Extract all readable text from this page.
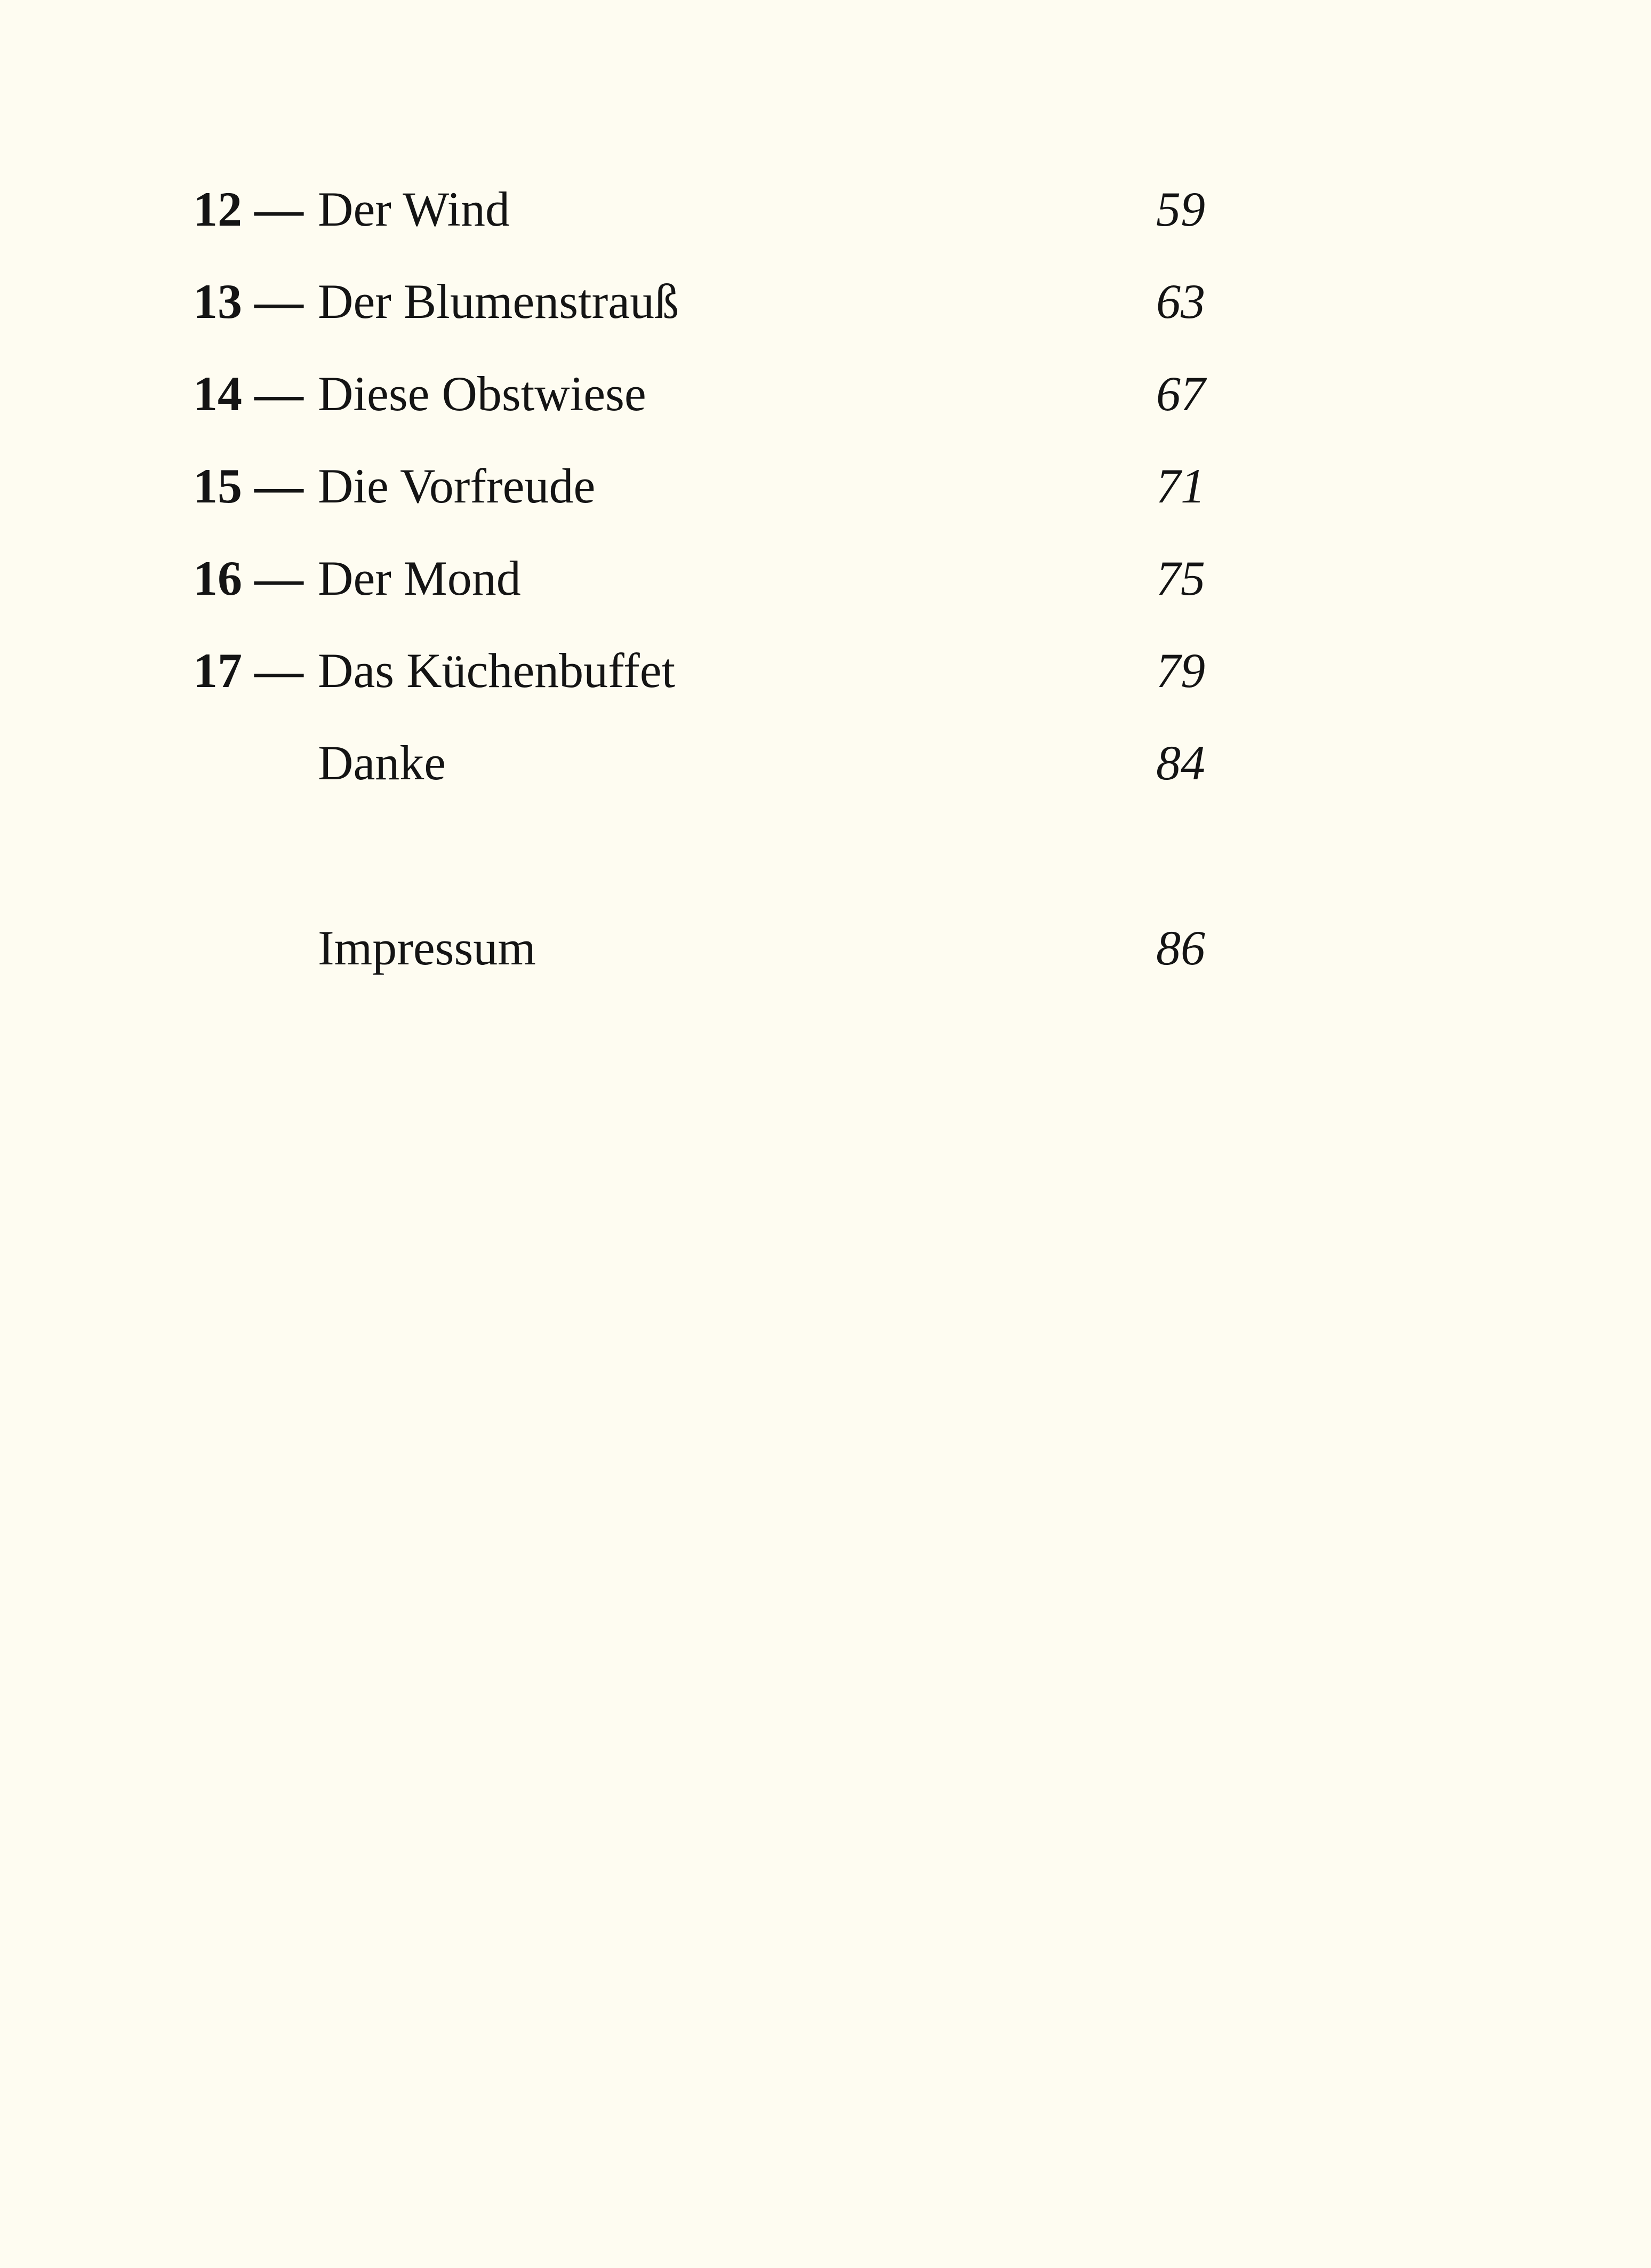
12 — Der Wind	59
13 — Der Blumenstrauß	63
14 — Diese Obstwiese	67
15 — Die Vorfreude	71
16 — Der Mond	75
17 — Das Küchenbuffet	79
Danke	84
Impressum	86
